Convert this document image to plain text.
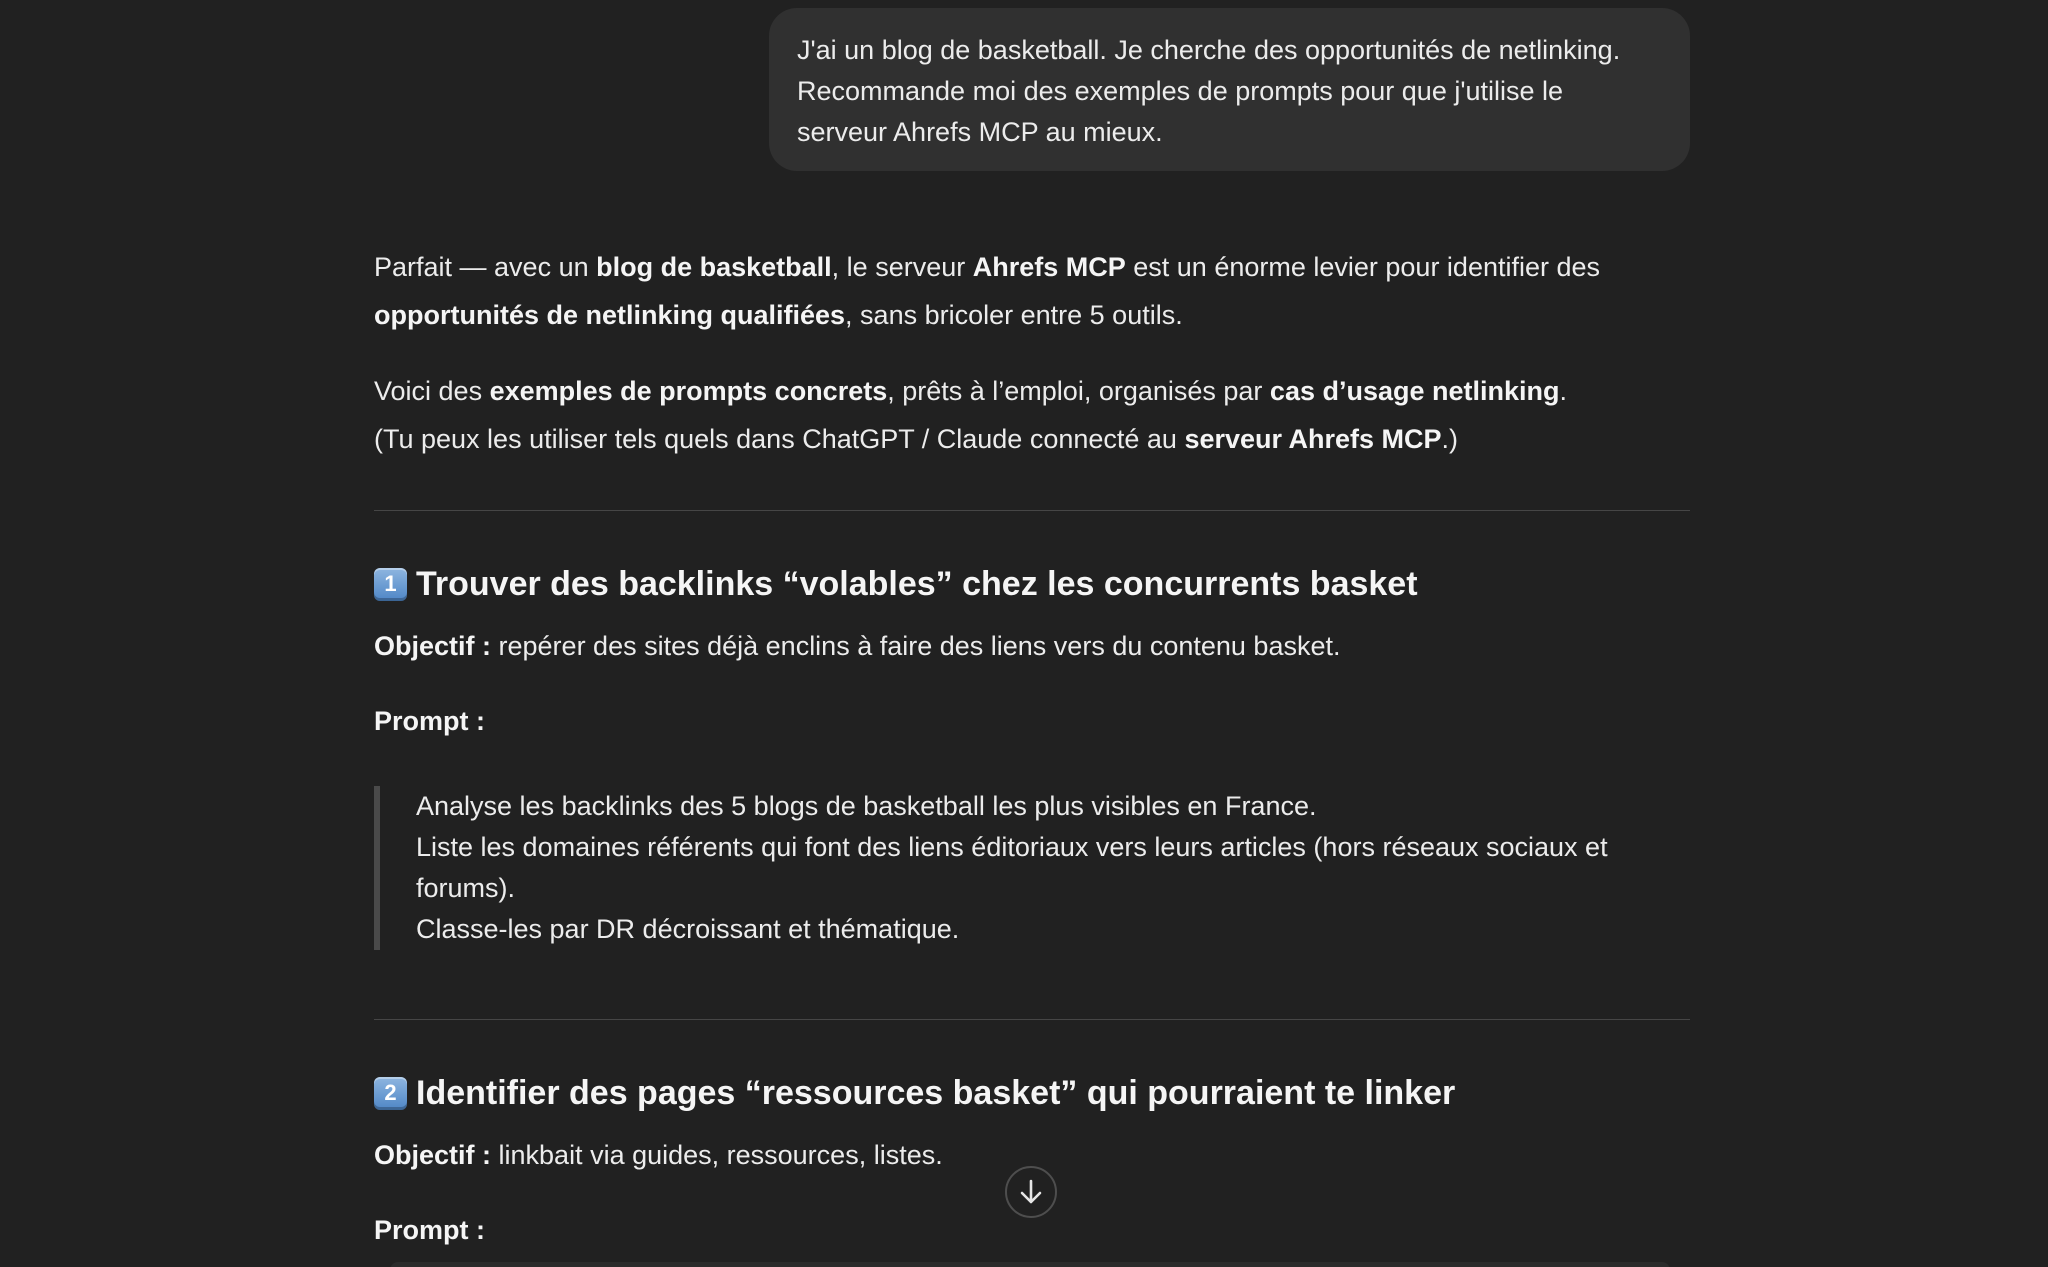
J'ai un blog de basketball. Je cherche des opportunités de netlinking.

Recommande moi des exemples de prompts pour que j'utilise le

serveur Ahrefs MCP au mieux.

Parfait — avec un blog de basketball, le serveur Ahrefs MCP est un énorme levier pour identifier des
opportunités de netlinking qualifiées, sans bricoler entre 5 outils.

Voici des exemples de prompts concrets, prêts à l’emploi, organisés par cas d’usage netlinking.
(Tu peux les utiliser tels quels dans ChatGPT / Claude connecté au serveur Ahrefs MCP.)

1 Trouver des backlinks “volables” chez les concurrents basket

Objectif : repérer des sites déjà enclins à faire des liens vers du contenu basket.

Prompt :

Analyse les backlinks des 5 blogs de basketball les plus visibles en France.
Liste les domaines référents qui font des liens éditoriaux vers leurs articles (hors réseaux sociaux et
forums).
Classe-les par DR décroissant et thématique.
2 Identifier des pages “ressources basket” qui pourraient te linker

Objectif : linkbait via guides, ressources, listes.

Prompt :
